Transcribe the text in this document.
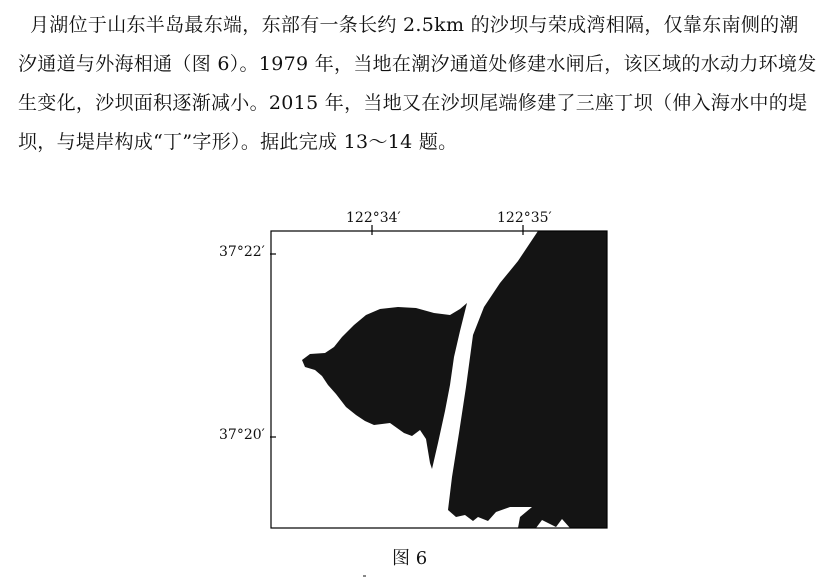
月湖位于山东半岛最东端，东部有一条长约 2.5km 的沙坝与荣成湾相隔，仅靠东南侧的潮
汐通道与外海相通（图 6）。1979 年，当地在潮汐通道处修建水闸后，该区域的水动力环境发
生变化，沙坝面积逐渐减小。2015 年，当地又在沙坝尾端修建了三座丁坝（伸入海水中的堤
坝，与堤岸构成“丁”字形）。据此完成 13～14 题。
122°34′	122°35′
37°22′
37°20′
图 6
